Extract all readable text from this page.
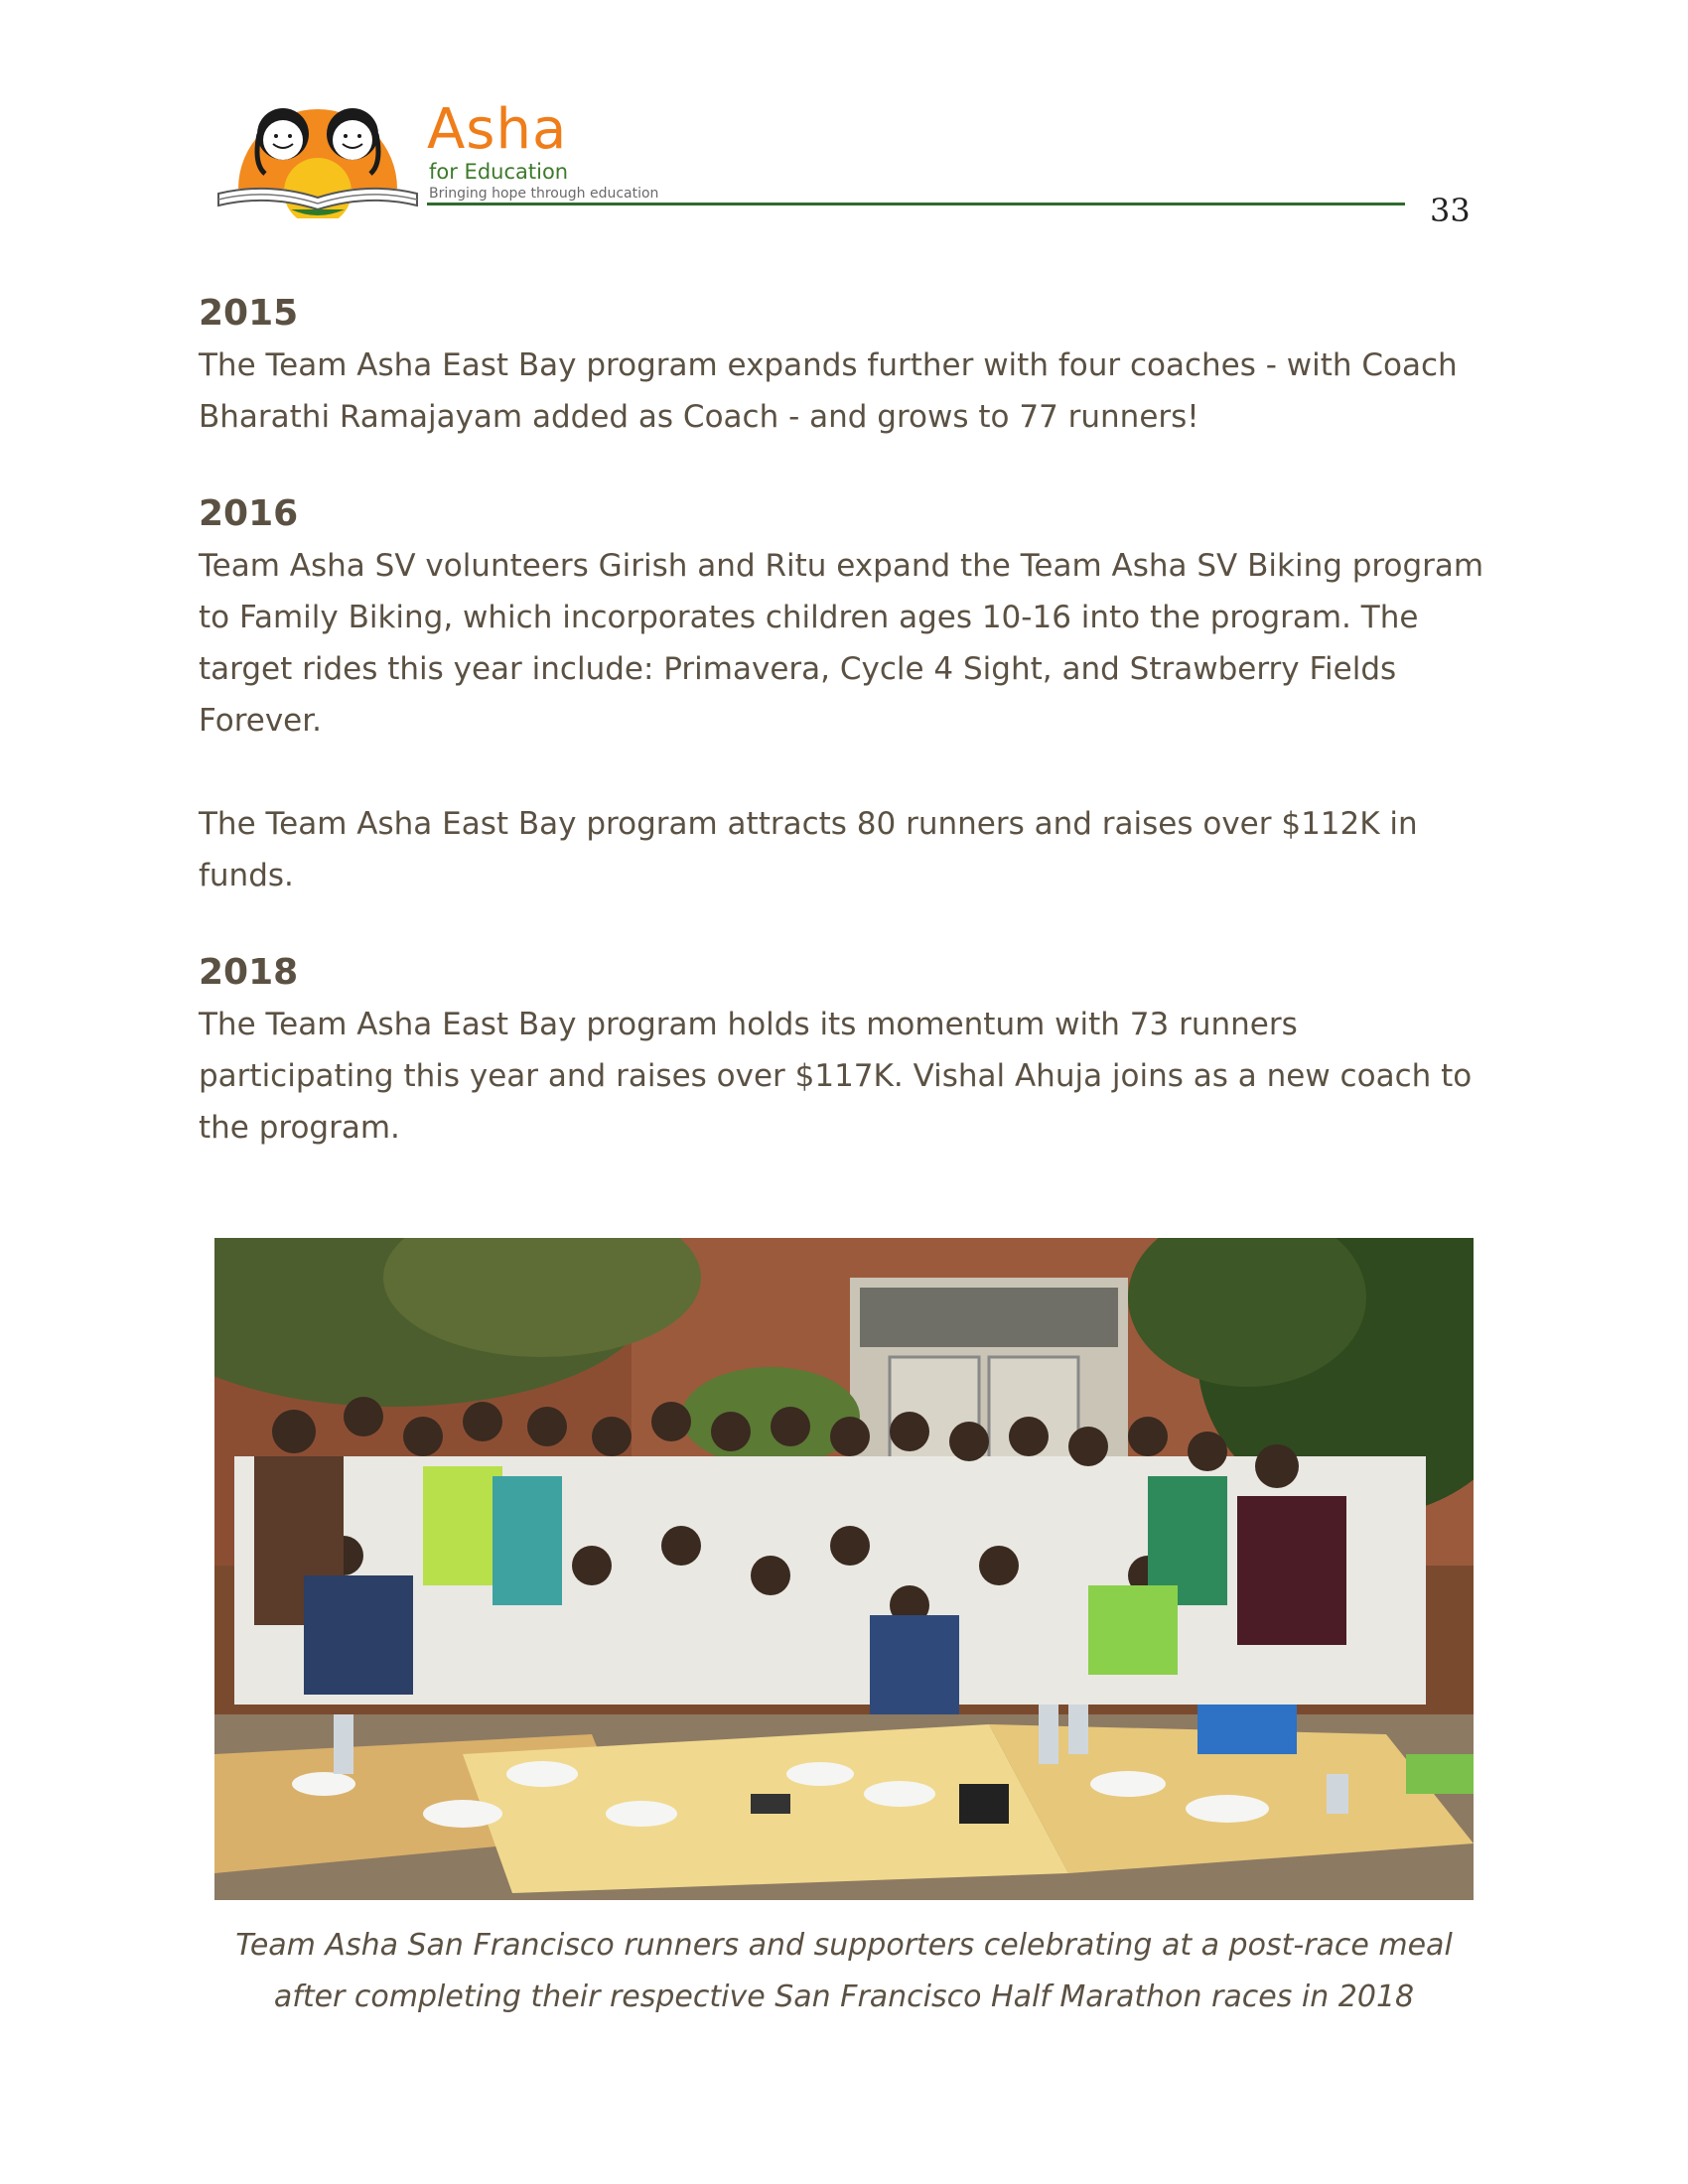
Asha
for Education
Bringing hope through education	33
2015

The Team Asha East Bay program expands further with four coaches - with Coach Bharathi Ramajayam added as Coach - and grows to 77 runners!

2016

Team Asha SV volunteers Girish and Ritu expand the Team Asha SV Biking program to Family Biking, which incorporates children ages 10-16 into the program. The target rides this year include: Primavera, Cycle 4 Sight, and Strawberry Fields Forever.

The Team Asha East Bay program attracts 80 runners and raises over $112K in funds.

2018

The Team Asha East Bay program holds its momentum with 73 runners participating this year and raises over $117K. Vishal Ahuja joins as a new coach to the program.

Team Asha San Francisco runners and supporters celebrating at a post-race meal after completing their respective San Francisco Half Marathon races in 2018
